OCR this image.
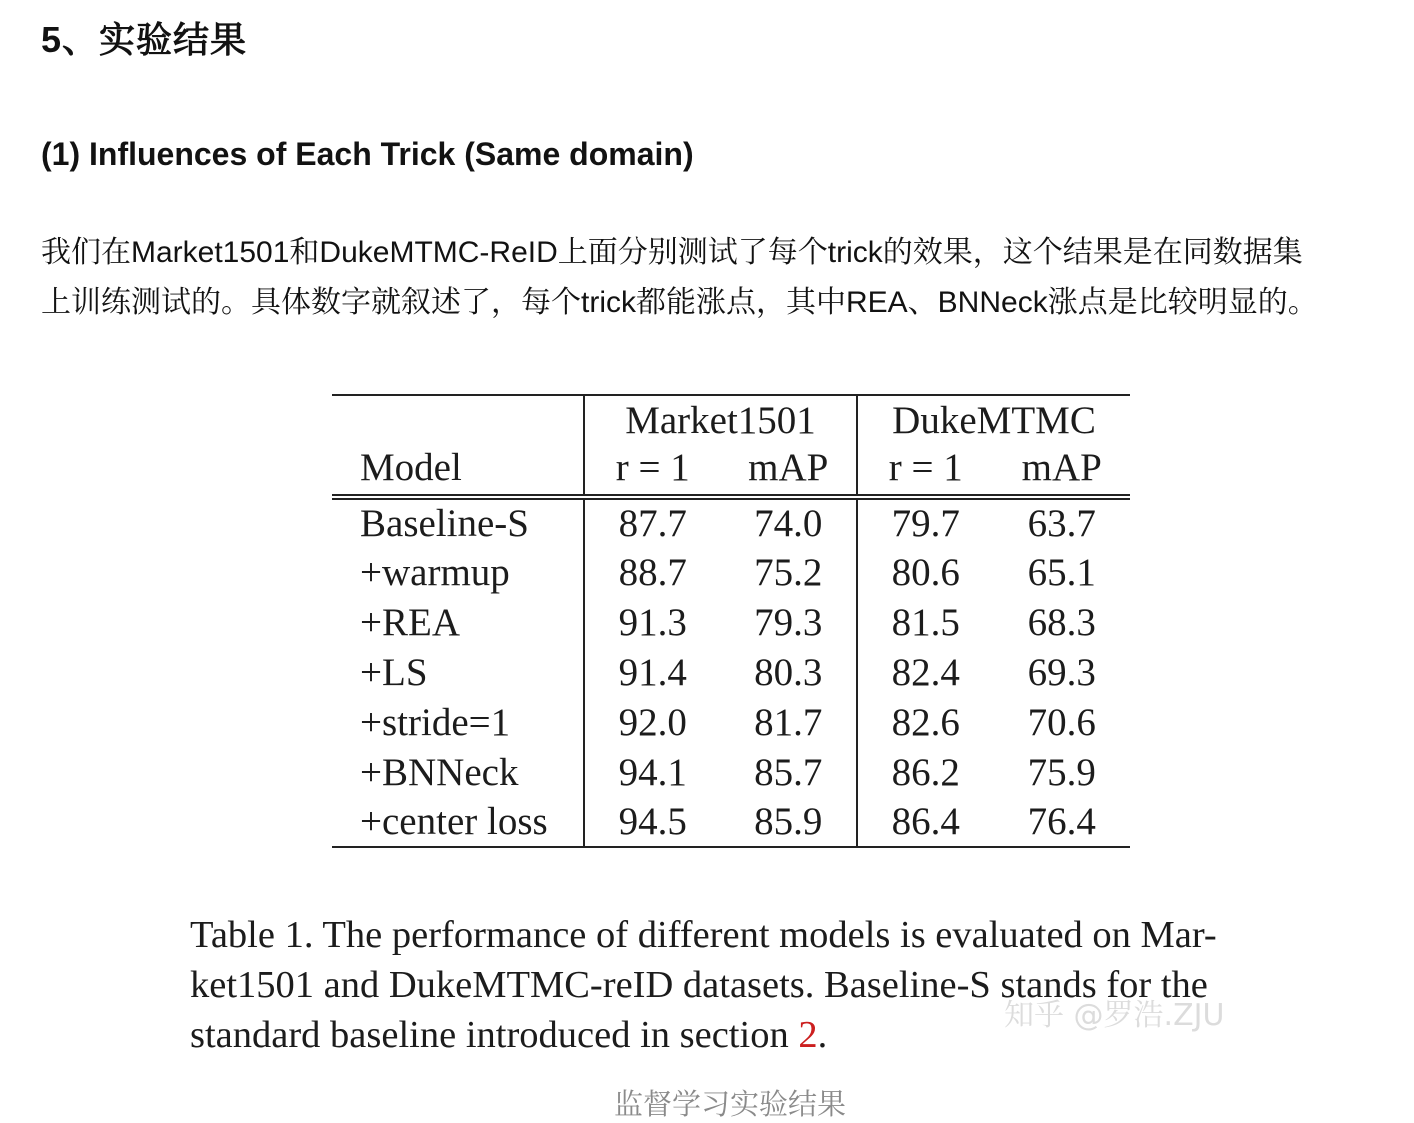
5、实验结果
(1) Influences of Each Trick (Same domain)

我们在Market1501和DukeMTMC-ReID上面分别测试了每个trick的效果，这个结果是在同数据集
上训练测试的。具体数字就叙述了，每个trick都能涨点，其中REA、BNNeck涨点是比较明显的。

	Market1501		DukeMTMC	
Model	r = 1	mAP	r = 1	mAP
Baseline-S	87.7	74.0	79.7	63.7
+warmup	88.7	75.2	80.6	65.1
+REA	91.3	79.3	81.5	68.3
+LS	91.4	80.3	82.4	69.3
+stride=1	92.0	81.7	82.6	70.6
+BNNeck	94.1	85.7	86.2	75.9
+center loss	94.5	85.9	86.4	76.4

Table 1. The performance of different models is evaluated on Mar-
ket1501 and DukeMTMC-reID datasets. Baseline-S stands for the
standard baseline introduced in section 2.	知乎 @罗浩.ZJU

监督学习实验结果
